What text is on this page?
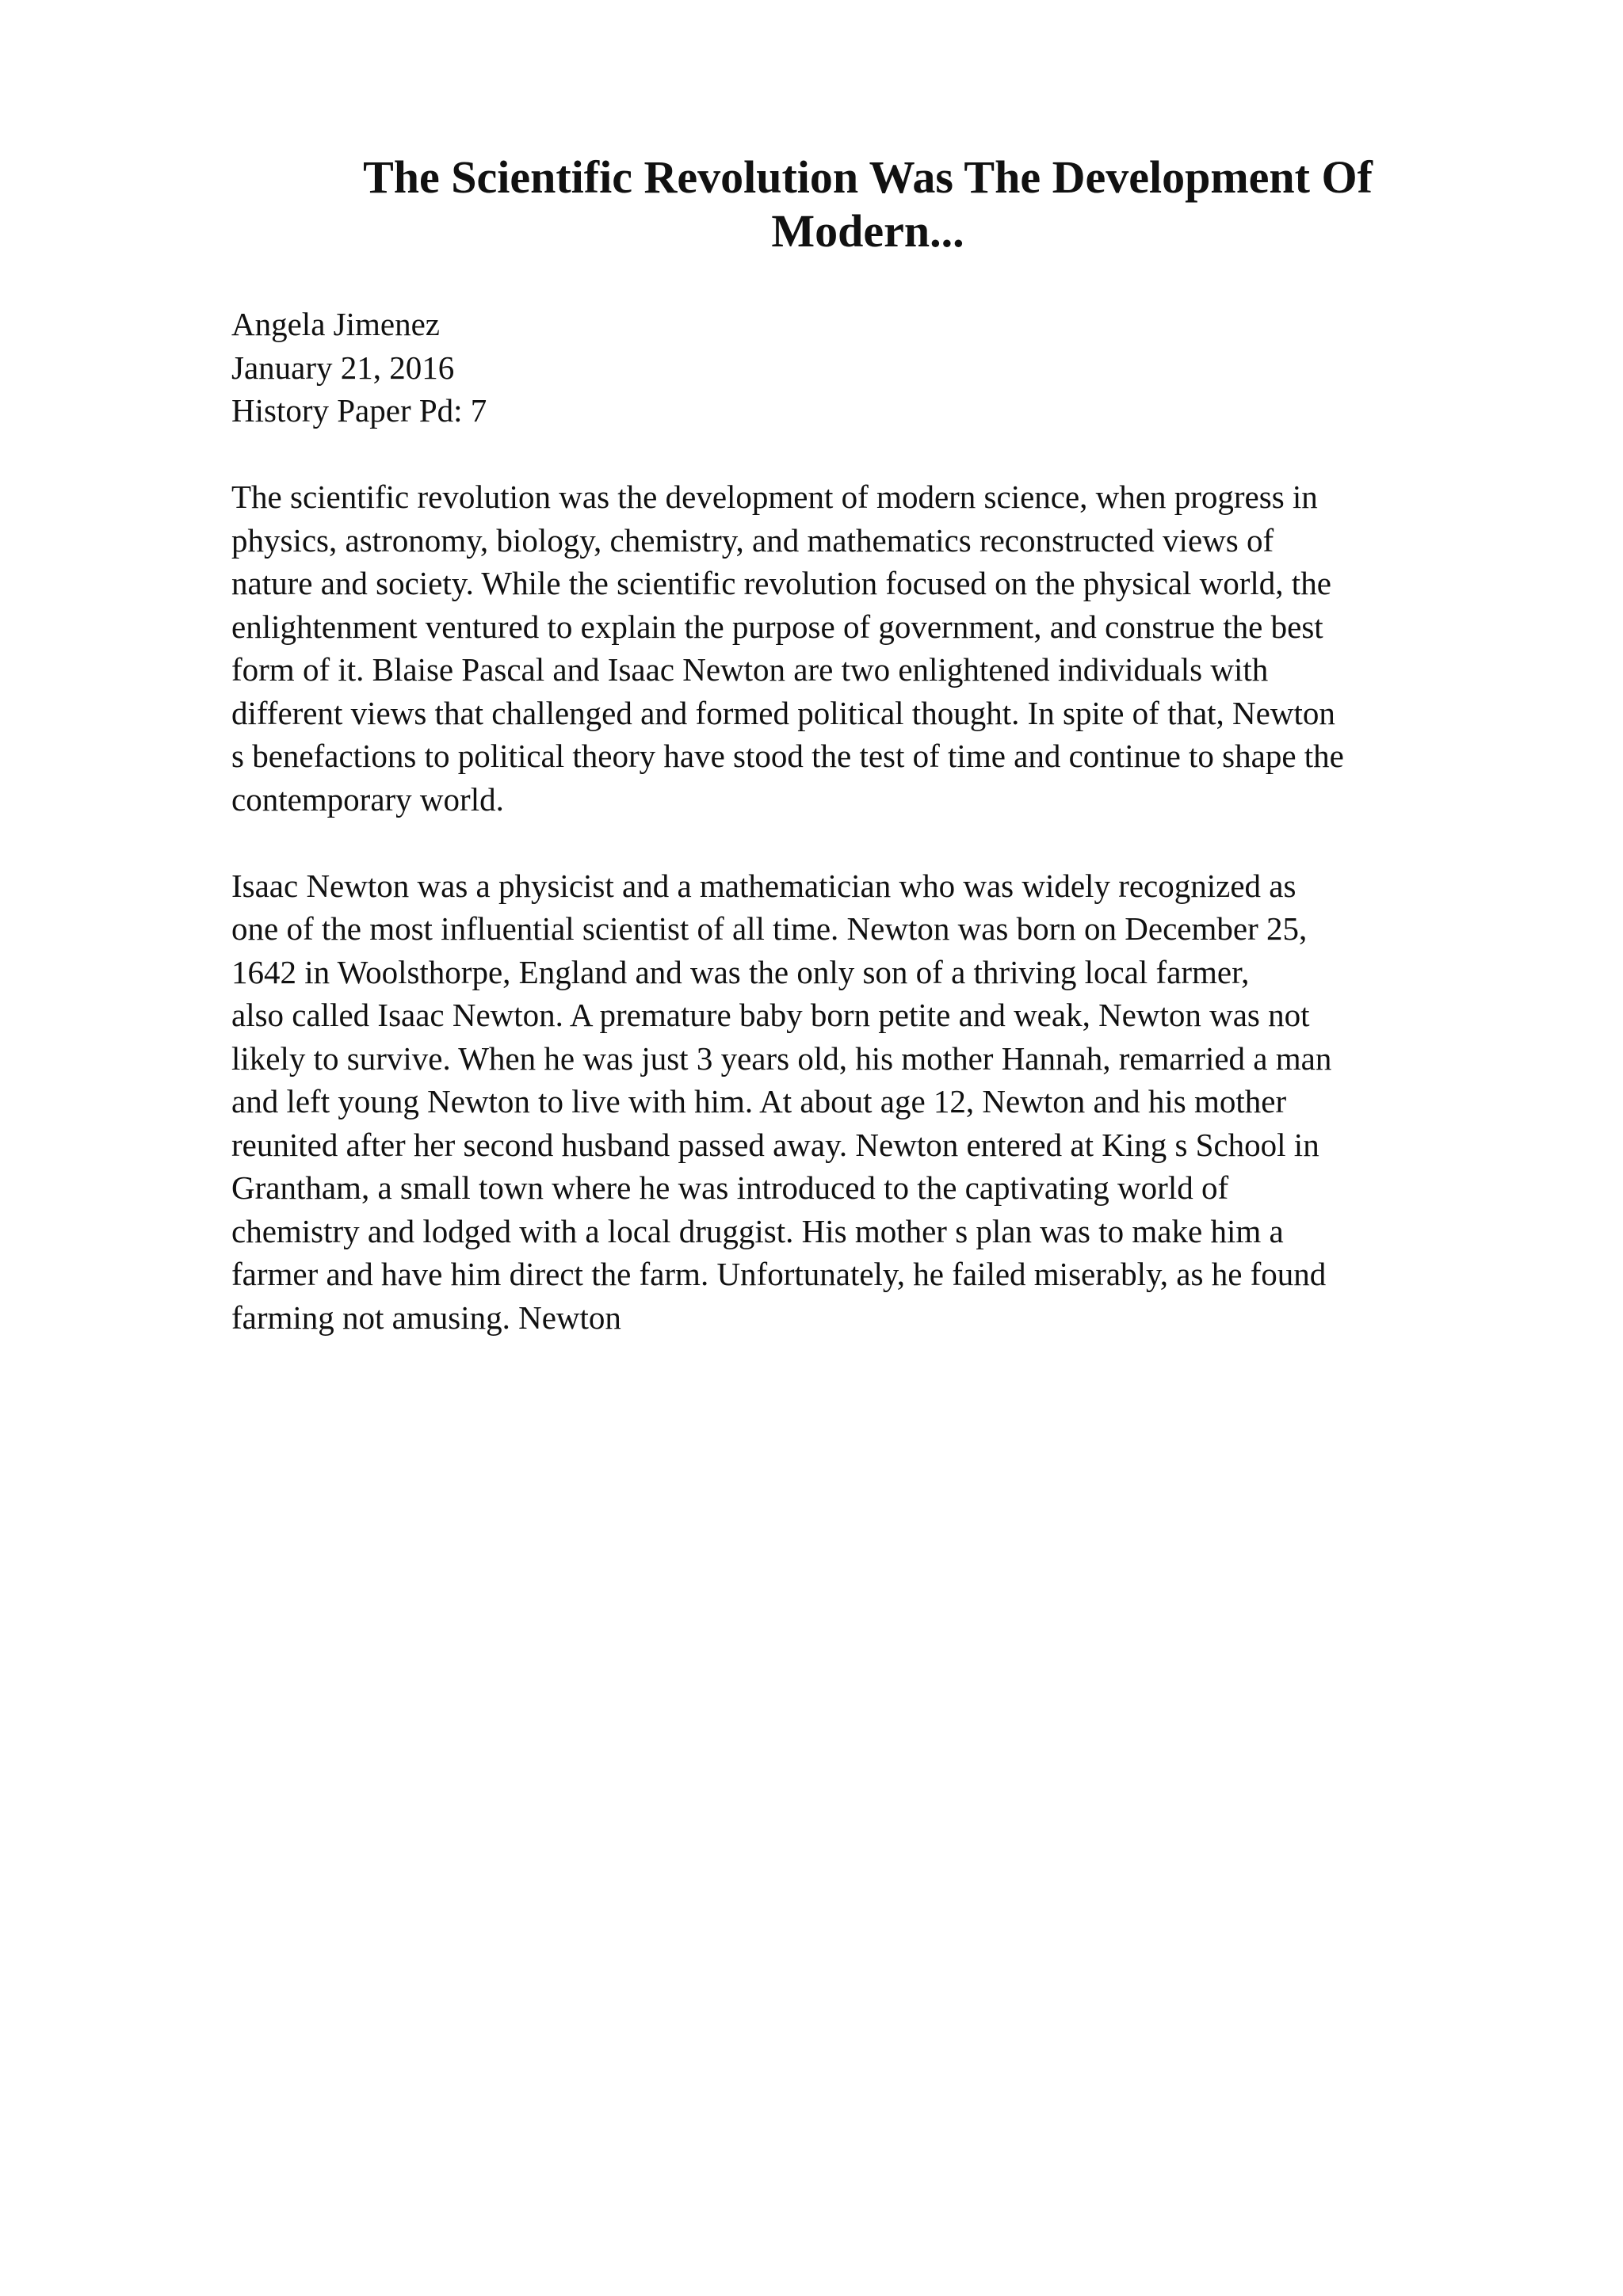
The Scientific Revolution Was The Development Of
Modern...
Angela Jimenez
January 21, 2016
History Paper Pd: 7
The scientific revolution was the development of modern science, when progress in
physics, astronomy, biology, chemistry, and mathematics reconstructed views of
nature and society. While the scientific revolution focused on the physical world, the
enlightenment ventured to explain the purpose of government, and construe the best
form of it. Blaise Pascal and Isaac Newton are two enlightened individuals with
different views that challenged and formed political thought. In spite of that, Newton
s benefactions to political theory have stood the test of time and continue to shape the
contemporary world.
Isaac Newton was a physicist and a mathematician who was widely recognized as
one of the most influential scientist of all time. Newton was born on December 25,
1642 in Woolsthorpe, England and was the only son of a thriving local farmer,
also called Isaac Newton. A premature baby born petite and weak, Newton was not
likely to survive. When he was just 3 years old, his mother Hannah, remarried a man
and left young Newton to live with him. At about age 12, Newton and his mother
reunited after her second husband passed away. Newton entered at King s School in
Grantham, a small town where he was introduced to the captivating world of
chemistry and lodged with a local druggist. His mother s plan was to make him a
farmer and have him direct the farm. Unfortunately, he failed miserably, as he found
farming not amusing. Newton
